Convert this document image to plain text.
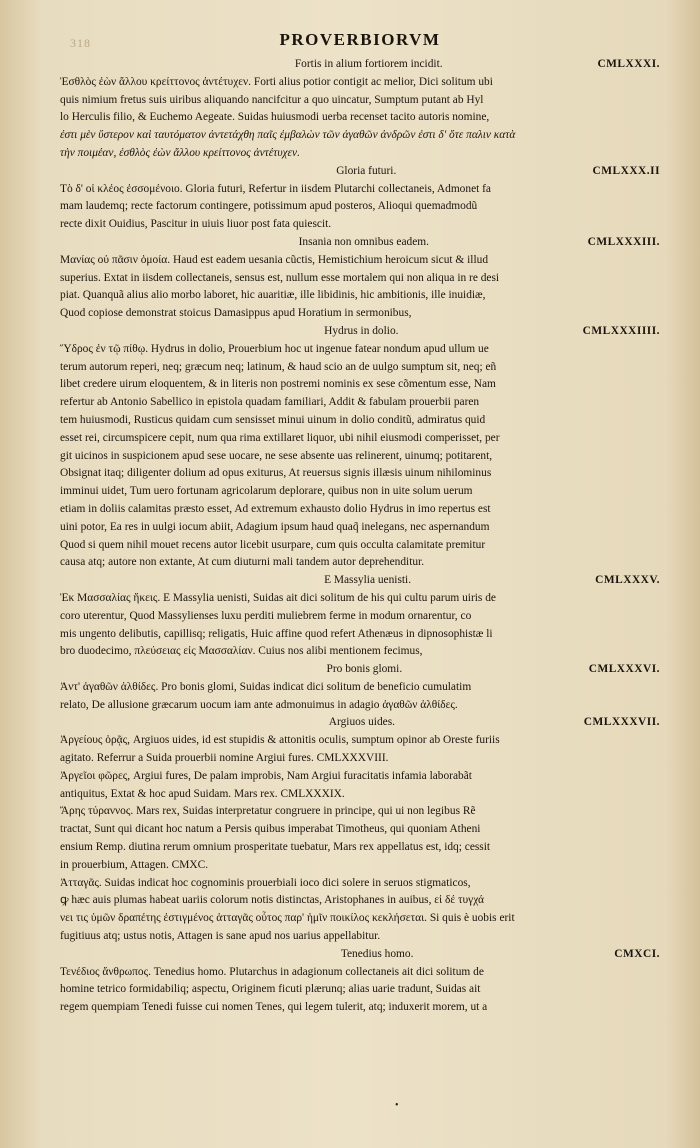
318	PROVERBIORVM
Fortis in alium fortiorem incidit.	CMLXXXI.
Ἐσθλὸς ἐὼν ἄλλου κρείττονος ἀντέτυχεν. Forti alius potior contigit ac melior, Dici solitum ubi
quis nimium fretus suis uiribus aliquando nancifcitur a quo uincatur, Sumptum putant ab Hyl
lo Herculis filio, & Euchemo Aegeate. Suidas huiusmodi uerba recenset tacito autoris nomine,
ἐστι μὲν ὕστερον καὶ ταυτόματον ἀντετάχθη παῖς ἐμβαλὼν τῶν ἀγαθῶν ἀνδρῶν ἐστι δ' ὅτε παλιν κατὰ
τὴν ποιμέαν, ἐσθλὸς ἐὼν ἄλλου κρείττονος ἀντέτυχεν.
Gloria futuri.	CMLXXX.II
Τὸ δ' οἱ κλέος ἐσσομένοιο. Gloria futuri, Refertur in iisdem Plutarchi collectaneis, Admonet fa
mam laudemq; recte factorum contingere, potissimum apud posteros, Alioqui quemadmodũ
recte dixit Ouidius, Pascitur in uiuis liuor post fata quiescit.
Insania non omnibus eadem.	CMLXXXIII.
Μανίας οὐ πᾶσιν ὁμοία. Haud est eadem uesania cũctis, Hemistichium heroicum sicut & illud
superius. Extat in iisdem collectaneis, sensus est, nullum esse mortalem qui non aliqua in re desi
piat. Quanquã alius alio morbo laboret, hic auaritiæ, ille libidinis, hic ambitionis, ille inuidiæ,
Quod copiose demonstrat stoicus Damasippus apud Horatium in sermonibus,
Hydrus in dolio.	CMLXXXIIII.
Ὕδρος ἐν τῷ πίθῳ. Hydrus in dolio, Prouerbium hoc ut ingenue fatear nondum apud ullum ue
terum autorum reperi, neq; græcum neq; latinum, & haud scio an de uulgo sumptum sit, neq; eñ
libet credere uirum eloquentem, & in literis non postremi nominis ex sese cõmentum esse, Nam
refertur ab Antonio Sabellico in epistola quadam familiari, Addit & fabulam prouerbii paren
tem huiusmodi, Rusticus quidam cum sensisset minui uinum in dolio conditũ, admiratus quid
esset rei, circumspicere cepit, num qua rima extillaret liquor, ubi nihil eiusmodi comperisset, per
git uicinos in suspicionem apud sese uocare, ne sese absente uas relinerent, uinumq; potitarent,
Obsignat itaq; diligenter dolium ad opus exiturus, At reuersus signis illæsis uinum nihilominus
imminui uidet, Tum uero fortunam agricolarum deplorare, quibus non in uite solum uerum
etiam in doliis calamitas præsto esset, Ad extremum exhausto dolio Hydrus in imo repertus est
uini potor, Ea res in uulgi iocum abiit, Adagium ipsum haud quaq̃ inelegans, nec aspernandum
Quod si quem nihil mouet recens autor licebit usurpare, cum quis occulta calamitate premitur
causa atq; autore non extante, At cum diuturni mali tandem autor deprehenditur.
E Massylia uenisti.	CMLXXXV.
Ἐκ Μασσαλίας ἥκεις. E Massylia uenisti, Suidas ait dici solitum de his qui cultu parum uiris de
coro uterentur, Quod Massylienses luxu perditi muliebrem ferme in modum ornarentur, co
mis ungento delibutis, capillisq; religatis, Huic affine quod refert Athenæus in dipnosophistæ li
bro duodecimo, πλεύσειας εἰς Μασσαλίαν. Cuius nos alibi mentionem fecimus,
Pro bonis glomi.	CMLXXXVI.
Ἀντ' ἀγαθῶν ἀλθίδες. Pro bonis glomi, Suidas indicat dici solitum de beneficio cumulatim
relato, De allusione græcarum uocum iam ante admonuimus in adagio ἀγαθῶν ἀλθίδες.
Argiuos uides.	CMLXXXVII.
Ἀργείους ὁρᾷς, Argiuos uides, id est stupidis & attonitis oculis, sumptum opinor ab Oreste furiis
agitato. Referrur a Suida prouerbii nomine Argiui fures. CMLXXXVIII.
Ἀργεῖοι φῶρες, Argiui fures, De palam improbis, Nam Argiui furacitatis infamia laborabãt
antiquitus, Extat & hoc apud Suidam. Mars rex. CMLXXXIX.
Ἄρης τύραννος. Mars rex, Suidas interpretatur congruere in principe, qui ui non legibus Rẽ
tractat, Sunt qui dicant hoc natum a Persis quibus imperabat Timotheus, qui quoniam Atheni
ensium Remp. diutina rerum omnium prosperitate tuebatur, Mars rex appellatus est, idq; cessit
in prouerbium, Attagen. CMXC.
Ἀτταγᾶς. Suidas indicat hoc cognominis prouerbiali ioco dici solere in seruos stigmaticos,
ꝙ hæc auis plumas habeat uariis colorum notis distinctas, Aristophanes in auibus, εἰ δέ τυγχά
νει τις ὑμῶν δραπέτης ἐστιγμένος ἀτταγᾶς οὗτος παρ' ἡμῖν ποικίλος κεκλήσεται. Si quis è uobis erit
fugitiuus atq; ustus notis, Attagen is sane apud nos uarius appellabitur.
Tenedius homo.	CMXCI.
Τενέδιος ἄνθρωπος. Tenedius homo. Plutarchus in adagionum collectaneis ait dici solitum de
homine tetrico formidabiliq; aspectu, Originem ficuti plærunq; alias uarie tradunt, Suidas ait
regem quempiam Tenedi fuisse cui nomen Tenes, qui legem tulerit, atq; induxerit morem, ut a
•
